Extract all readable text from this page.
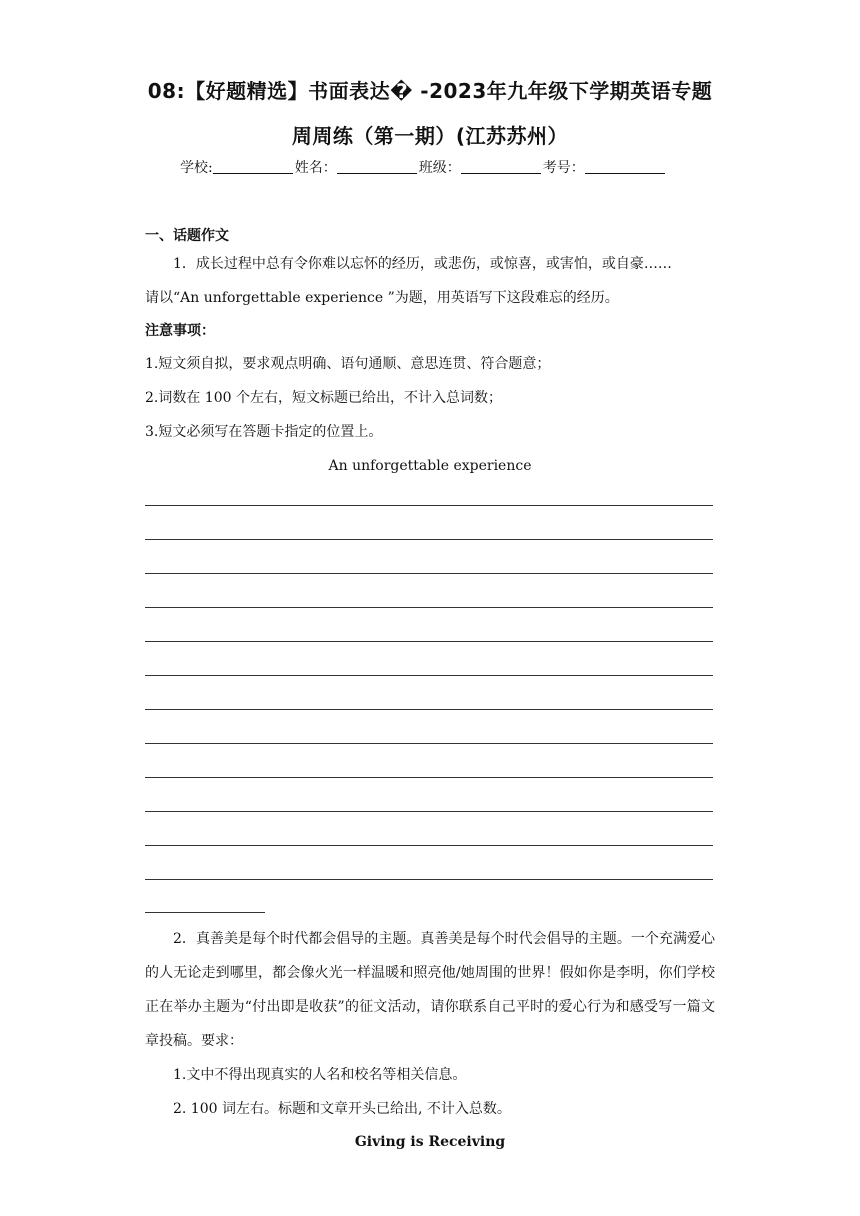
08:【好题精选】书面表达� -2023年九年级下学期英语专题
周周练（第一期）(江苏苏州）
学校:	姓名：	班级：	考号：
一、话题作文
1．成长过程中总有令你难以忘怀的经历，或悲伤，或惊喜，或害怕，或自豪……
请以“An unforgettable experience ”为题，用英语写下这段难忘的经历。
注意事项：
1.短文须自拟，要求观点明确、语句通顺、意思连贯、符合题意；
2.词数在 100 个左右，短文标题已给出，不计入总词数；
3.短文必须写在答题卡指定的位置上。
An unforgettable experience
2．真善美是每个时代都会倡导的主题。真善美是每个时代会倡导的主题。一个充满爱心的人无论走到哪里，都会像火光一样温暖和照亮他/她周围的世界！假如你是李明，你们学校正在举办主题为“付出即是收获”的征文活动，请你联系自己平时的爱心行为和感受写一篇文章投稿。要求：
1.文中不得出现真实的人名和校名等相关信息。
2. 100 词左右。标题和文章开头已给出, 不计入总数。
Giving is Receiving
